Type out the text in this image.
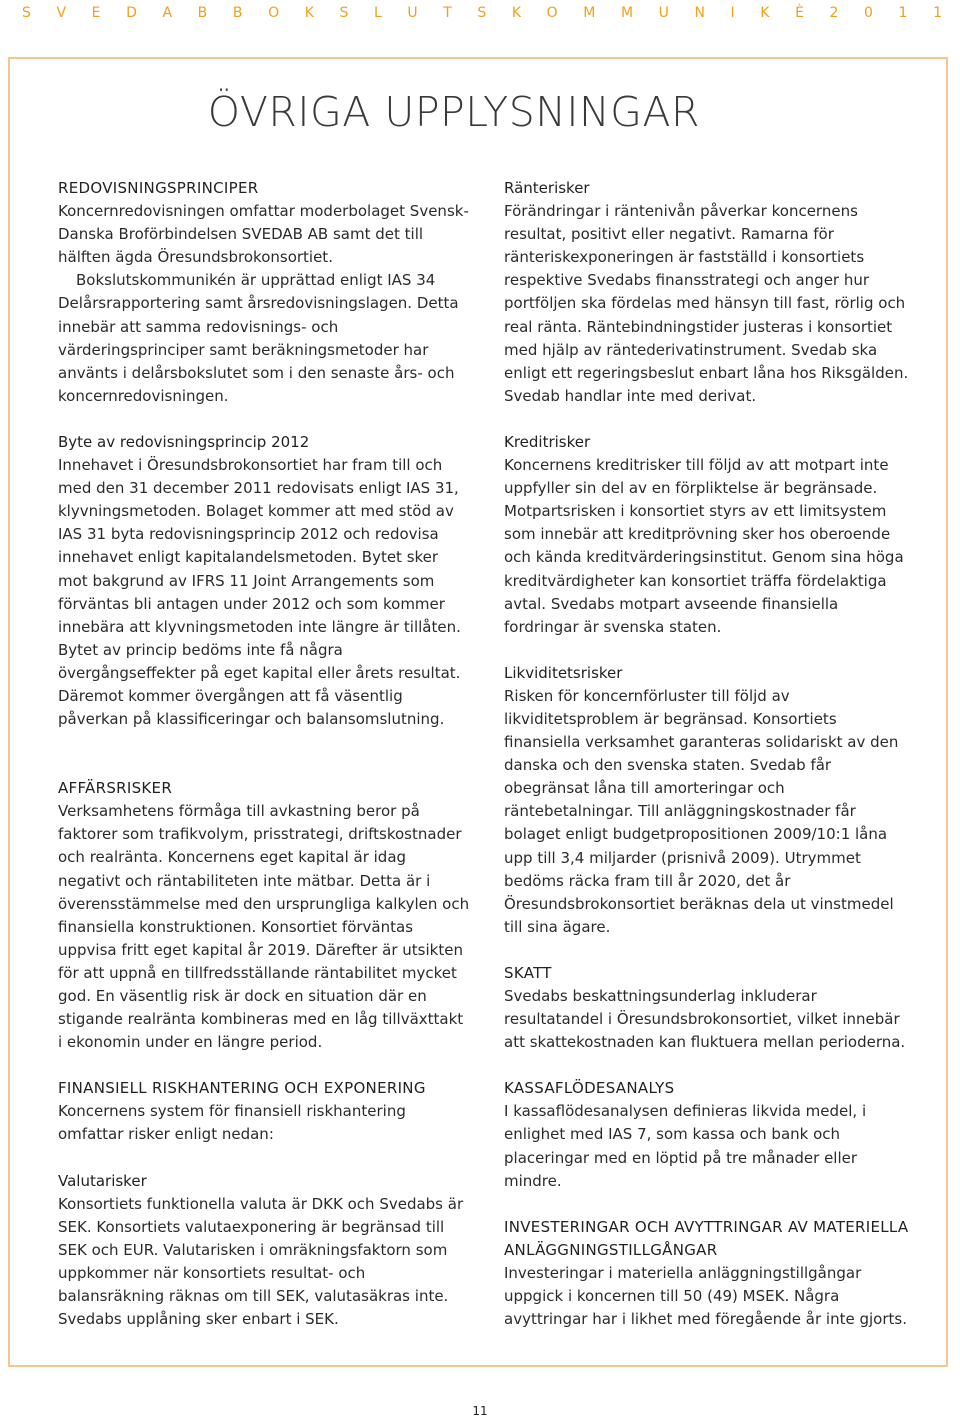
S V E D A B B O K S L U T S K O M M U N I K È 2 0 1 1
ÖVRIGA UPPLYSNINGAR
REDOVISNINGSPRINCIPER

Koncernredovisningen omfattar moderbolaget Svensk-Danska Broförbindelsen SVEDAB AB samt det till hälften ägda Öresundsbrokonsortiet.

Bokslutskommunikén är upprättad enligt IAS 34 Delårsrapportering samt årsredovisningslagen. Detta innebär att samma redovisnings- och värderingsprinciper samt beräkningsmetoder har använts i delårsbokslutet som i den senaste års- och koncernredovisningen.

Byte av redovisningsprincip 2012

Innehavet i Öresundsbrokonsortiet har fram till och med den 31 december 2011 redovisats enligt IAS 31, klyvningsmetoden. Bolaget kommer att med stöd av IAS 31 byta redovisningsprincip 2012 och redovisa innehavet enligt kapitalandelsmetoden. Bytet sker mot bakgrund av IFRS 11 Joint Arrangements som förväntas bli antagen under 2012 och som kommer innebära att klyvningsmetoden inte längre är tillåten. Bytet av princip bedöms inte få några övergångseffekter på eget kapital eller årets resultat. Däremot kommer övergången att få väsentlig påverkan på klassificeringar och balansomslutning.

AFFÄRSRISKER

Verksamhetens förmåga till avkastning beror på faktorer som trafikvolym, prisstrategi, driftskostnader och realränta. Koncernens eget kapital är idag negativt och räntabiliteten inte mätbar. Detta är i överensstämmelse med den ursprungliga kalkylen och finansiella konstruktionen. Konsortiet förväntas uppvisa fritt eget kapital år 2019. Därefter är utsikten för att uppnå en tillfredsställande räntabilitet mycket god. En väsentlig risk är dock en situation där en stigande realränta kombineras med en låg tillväxttakt i ekonomin under en längre period.

FINANSIELL RISKHANTERING OCH EXPONERING

Koncernens system för finansiell riskhantering omfattar risker enligt nedan:

Valutarisker

Konsortiets funktionella valuta är DKK och Svedabs är SEK. Konsortiets valutaexponering är begränsad till SEK och EUR. Valutarisken i omräkningsfaktorn som uppkommer när konsortiets resultat- och balansräkning räknas om till SEK, valutasäkras inte. Svedabs upplåning sker enbart i SEK.

Ränterisker

Förändringar i räntenivån påverkar koncernens resultat, positivt eller negativt. Ramarna för ränteriskexponeringen är fastställd i konsortiets respektive Svedabs finansstrategi och anger hur portföljen ska fördelas med hänsyn till fast, rörlig och real ränta. Räntebindningstider justeras i konsortiet med hjälp av räntederivatinstrument. Svedab ska enligt ett regeringsbeslut enbart låna hos Riksgälden. Svedab handlar inte med derivat.

Kreditrisker

Koncernens kreditrisker till följd av att motpart inte uppfyller sin del av en förpliktelse är begränsade. Motpartsrisken i konsortiet styrs av ett limitsystem som innebär att kreditprövning sker hos oberoende och kända kreditvärderingsinstitut. Genom sina höga kreditvärdigheter kan konsortiet träffa fördelaktiga avtal. Svedabs motpart avseende finansiella fordringar är svenska staten.

Likviditetsrisker

Risken för koncernförluster till följd av likviditetsproblem är begränsad. Konsortiets finansiella verksamhet garanteras solidariskt av den danska och den svenska staten. Svedab får obegränsat låna till amorteringar och räntebetalningar. Till anläggningskostnader får bolaget enligt budgetpropositionen 2009/10:1 låna upp till 3,4 miljarder (prisnivå 2009). Utrymmet bedöms räcka fram till år 2020, det år Öresundsbrokonsortiet beräknas dela ut vinstmedel till sina ägare.

SKATT

Svedabs beskattningsunderlag inkluderar resultatandel i Öresundsbrokonsortiet, vilket innebär att skattekostnaden kan fluktuera mellan perioderna.

KASSAFLÖDESANALYS

I kassaflödesanalysen definieras likvida medel, i enlighet med IAS 7, som kassa och bank och placeringar med en löptid på tre månader eller mindre.

INVESTERINGAR OCH AVYTTRINGAR AV MATERIELLA ANLÄGGNINGSTILLGÅNGAR

Investeringar i materiella anläggningstillgångar uppgick i koncernen till 50 (49) MSEK. Några avyttringar har i likhet med föregående år inte gjorts.

11
